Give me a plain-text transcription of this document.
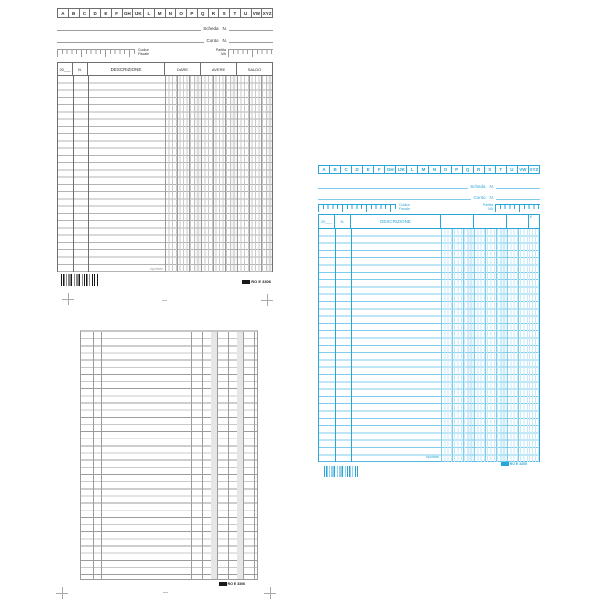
A	B	C	D	E	F	GH IJK	L	M	N	O	P	Q	R	S	T	U	VW XYZ
Scheda N.
Conto N.
Codice
Fiscale
Partita
IVA
20___	N.	DESCRIZIONE	DARE	AVERE	SALDO
riportare
RO E 3306
RO E 3306
A	B	C	D	E	F	GH IJK	L	M	N	O	P	Q	R	S	T	U	VW XYZ
Scheda N.
Conto N.
Codice
Fiscale
Partita
IVA
20___	N.	DESCRIZIONE
€
riportare
RO E 3305
